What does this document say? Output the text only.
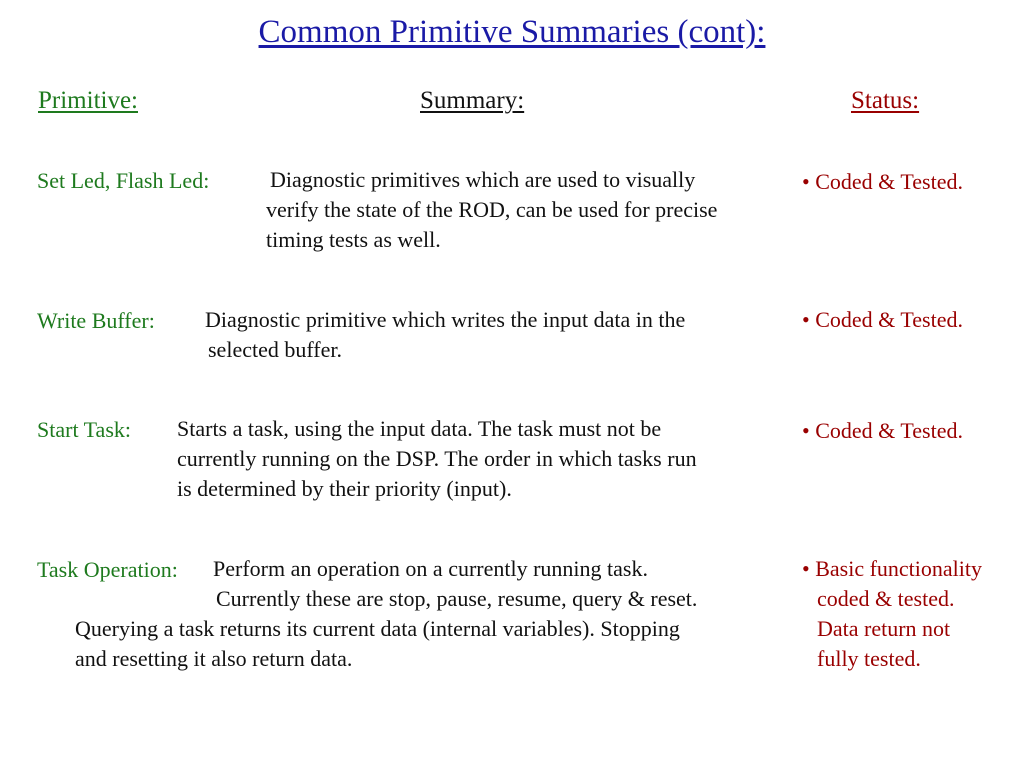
Common Primitive Summaries (cont):
Primitive:	Summary:	Status:
Set Led, Flash Led:	Diagnostic primitives which are used to visually
verify the state of the ROD, can be used for precise
timing tests as well.
• Coded & Tested.
Write Buffer: Diagnostic primitive which writes the input data in the
selected buffer.
• Coded & Tested.
Start Task: Starts a task, using the input data. The task must not be
currently running on the DSP. The order in which tasks run
is determined by their priority (input).
• Coded & Tested.
Task Operation: Perform an operation on a currently running task.
Currently these are stop, pause, resume, query & reset.
Querying a task returns its current data (internal variables). Stopping
and resetting it also return data.
• Basic functionality
coded & tested.
Data return not
fully tested.
